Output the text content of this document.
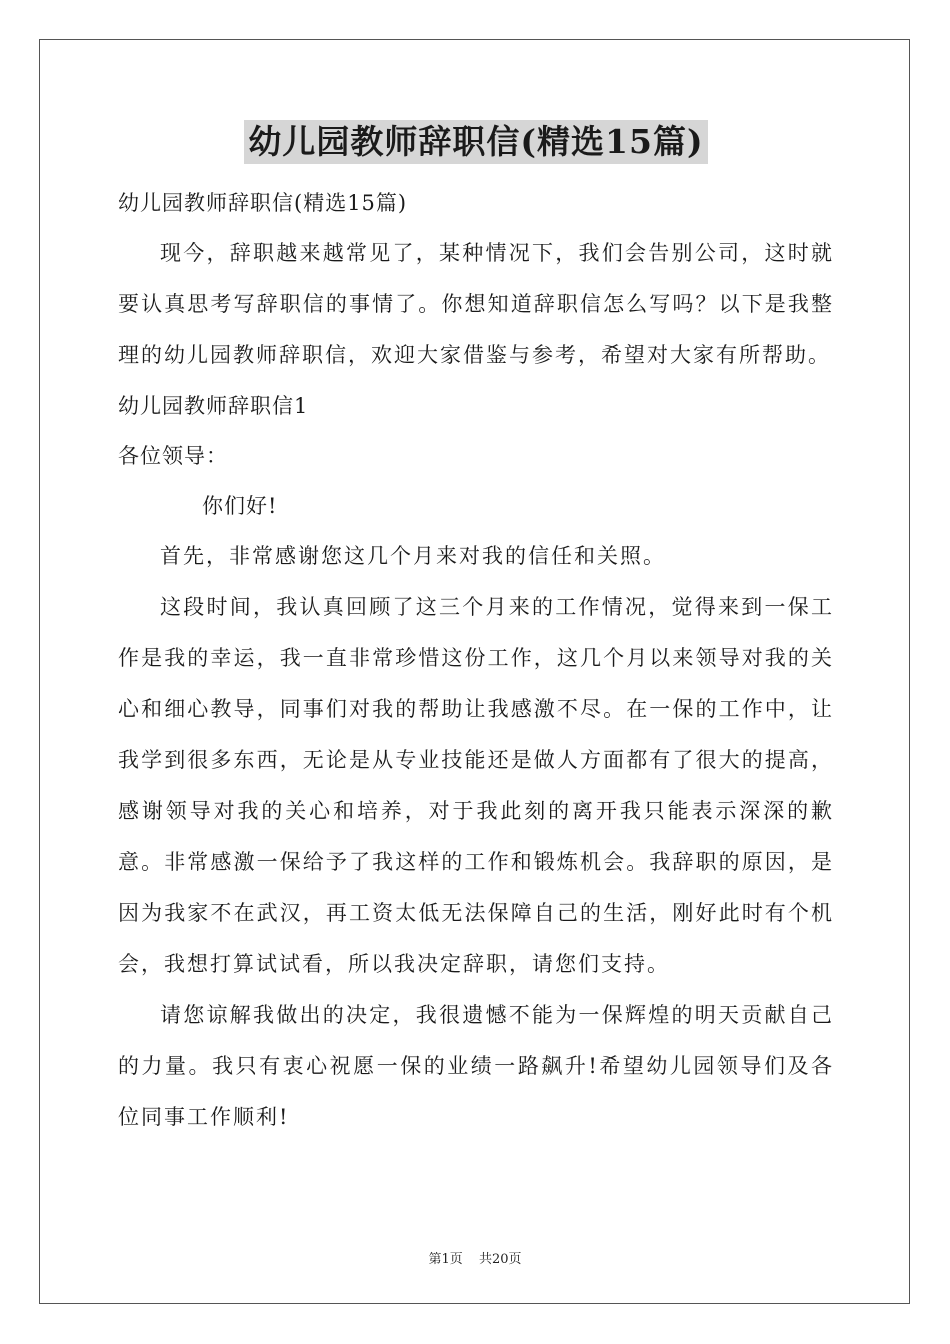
幼儿园教师辞职信(精选15篇)

幼儿园教师辞职信(精选15篇)

现今，辞职越来越常见了，某种情况下，我们会告别公司，这时就要认真思考写辞职信的事情了。你想知道辞职信怎么写吗？以下是我整理的幼儿园教师辞职信，欢迎大家借鉴与参考，希望对大家有所帮助。

幼儿园教师辞职信1

各位领导：

你们好!

首先，非常感谢您这几个月来对我的信任和关照。

这段时间，我认真回顾了这三个月来的工作情况，觉得来到一保工作是我的幸运，我一直非常珍惜这份工作，这几个月以来领导对我的关心和细心教导，同事们对我的帮助让我感激不尽。在一保的工作中，让我学到很多东西，无论是从专业技能还是做人方面都有了很大的提高，感谢领导对我的关心和培养，对于我此刻的离开我只能表示深深的歉意。非常感激一保给予了我这样的工作和锻炼机会。我辞职的原因，是因为我家不在武汉，再工资太低无法保障自己的生活，刚好此时有个机会，我想打算试试看，所以我决定辞职，请您们支持。

请您谅解我做出的决定，我很遗憾不能为一保辉煌的明天贡献自己的力量。我只有衷心祝愿一保的业绩一路飙升!希望幼儿园领导们及各位同事工作顺利!

第1页 共20页
